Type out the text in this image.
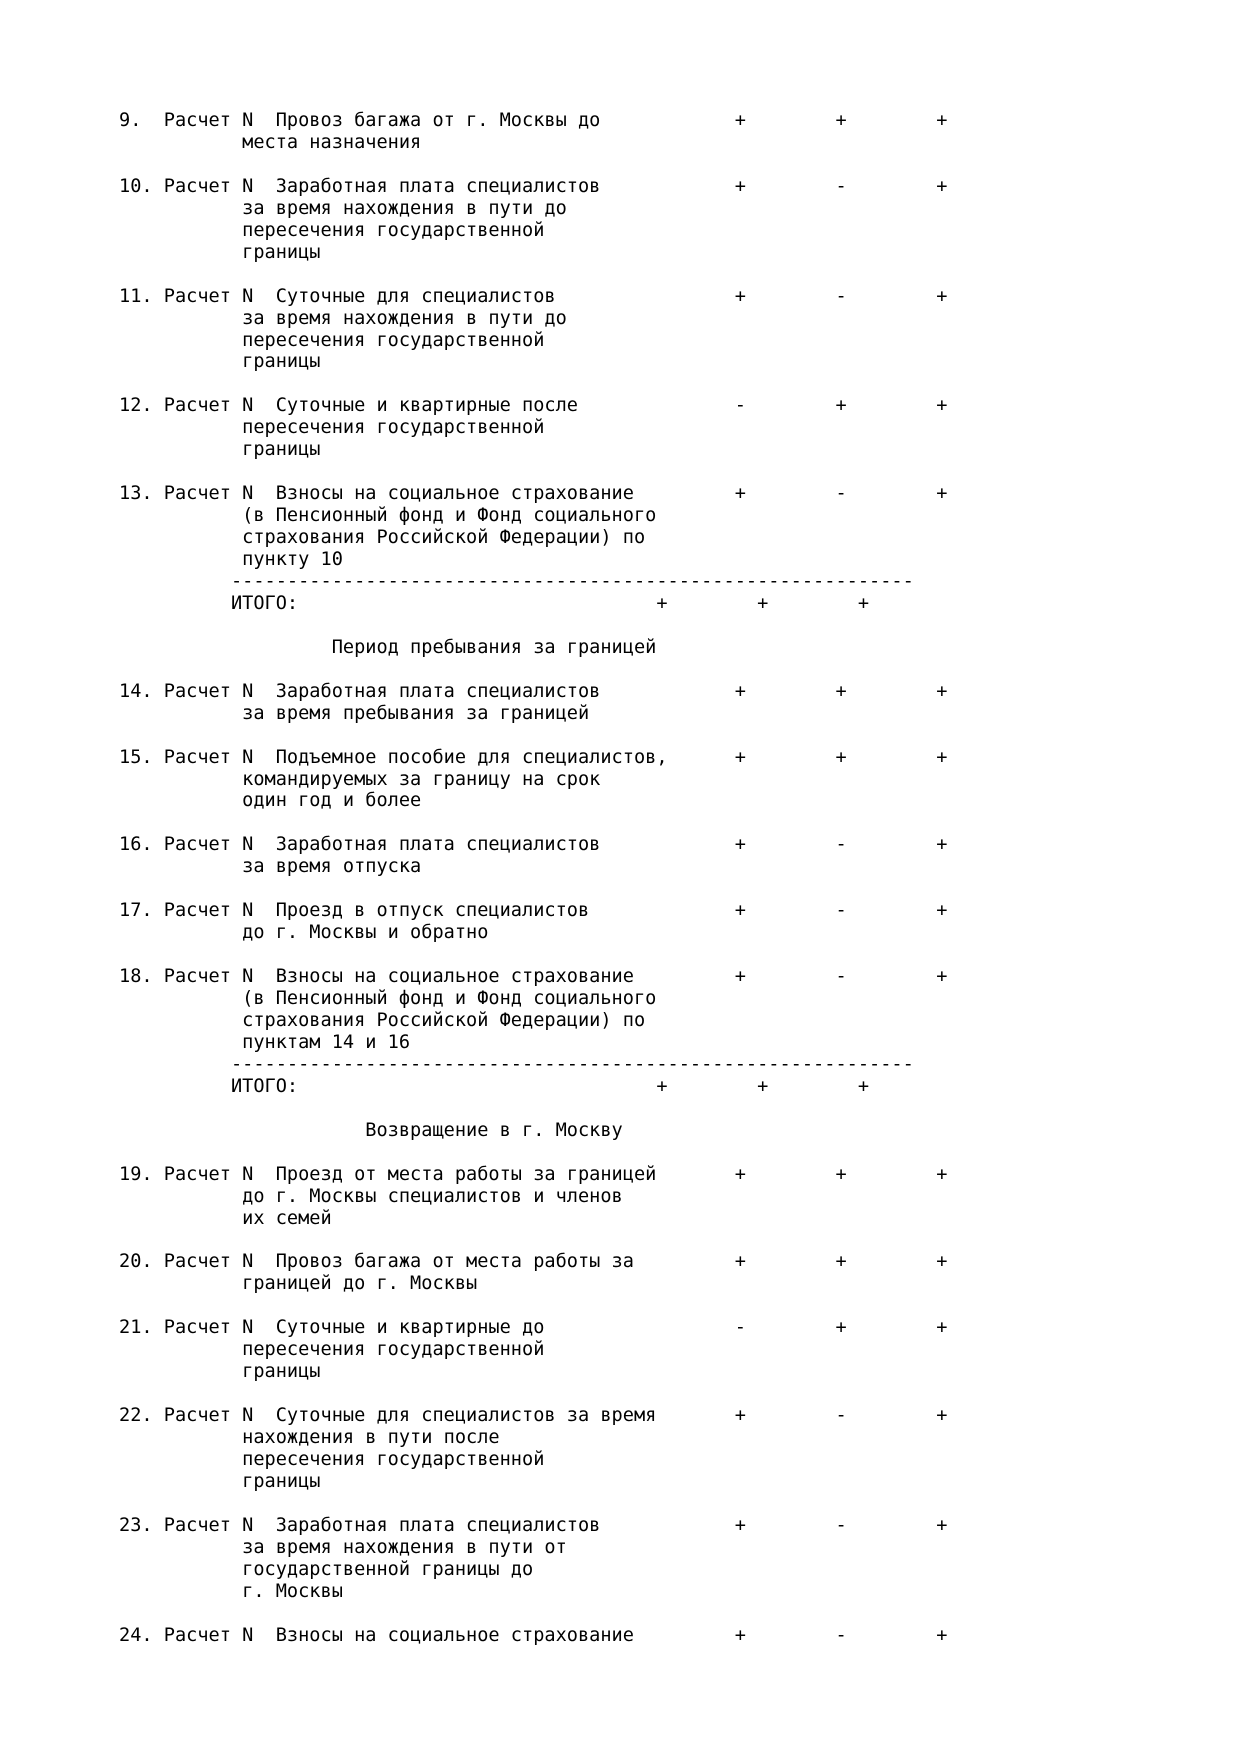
9.  Расчет N  Провоз багажа от г. Москвы до            +        +        +
места назначения
10. Расчет N  Заработная плата специалистов            +        -        +
за время нахождения в пути до
пересечения государственной
границы
11. Расчет N  Суточные для специалистов                +        -        +
за время нахождения в пути до
пересечения государственной
границы
12. Расчет N  Суточные и квартирные после              -        +        +
пересечения государственной
границы
13. Расчет N  Взносы на социальное страхование         +        -        +
(в Пенсионный фонд и Фонд социального
страхования Российской Федерации) по
пункту 10
-------------------------------------------------------------
ИТОГО:                                +        +        +
Период пребывания за границей
14. Расчет N  Заработная плата специалистов            +        +        +
за время пребывания за границей
15. Расчет N  Подъемное пособие для специалистов,      +        +        +
командируемых за границу на срок
один год и более
16. Расчет N  Заработная плата специалистов            +        -        +
за время отпуска
17. Расчет N  Проезд в отпуск специалистов             +        -        +
до г. Москвы и обратно
18. Расчет N  Взносы на социальное страхование         +        -        +
(в Пенсионный фонд и Фонд социального
страхования Российской Федерации) по
пунктам 14 и 16
-------------------------------------------------------------
ИТОГО:                                +        +        +
Возвращение в г. Москву
19. Расчет N  Проезд от места работы за границей       +        +        +
до г. Москвы специалистов и членов
их семей
20. Расчет N  Провоз багажа от места работы за         +        +        +
границей до г. Москвы
21. Расчет N  Суточные и квартирные до                 -        +        +
пересечения государственной
границы
22. Расчет N  Суточные для специалистов за время       +        -        +
нахождения в пути после
пересечения государственной
границы
23. Расчет N  Заработная плата специалистов            +        -        +
за время нахождения в пути от
государственной границы до
г. Москвы
24. Расчет N  Взносы на социальное страхование         +        -        +
